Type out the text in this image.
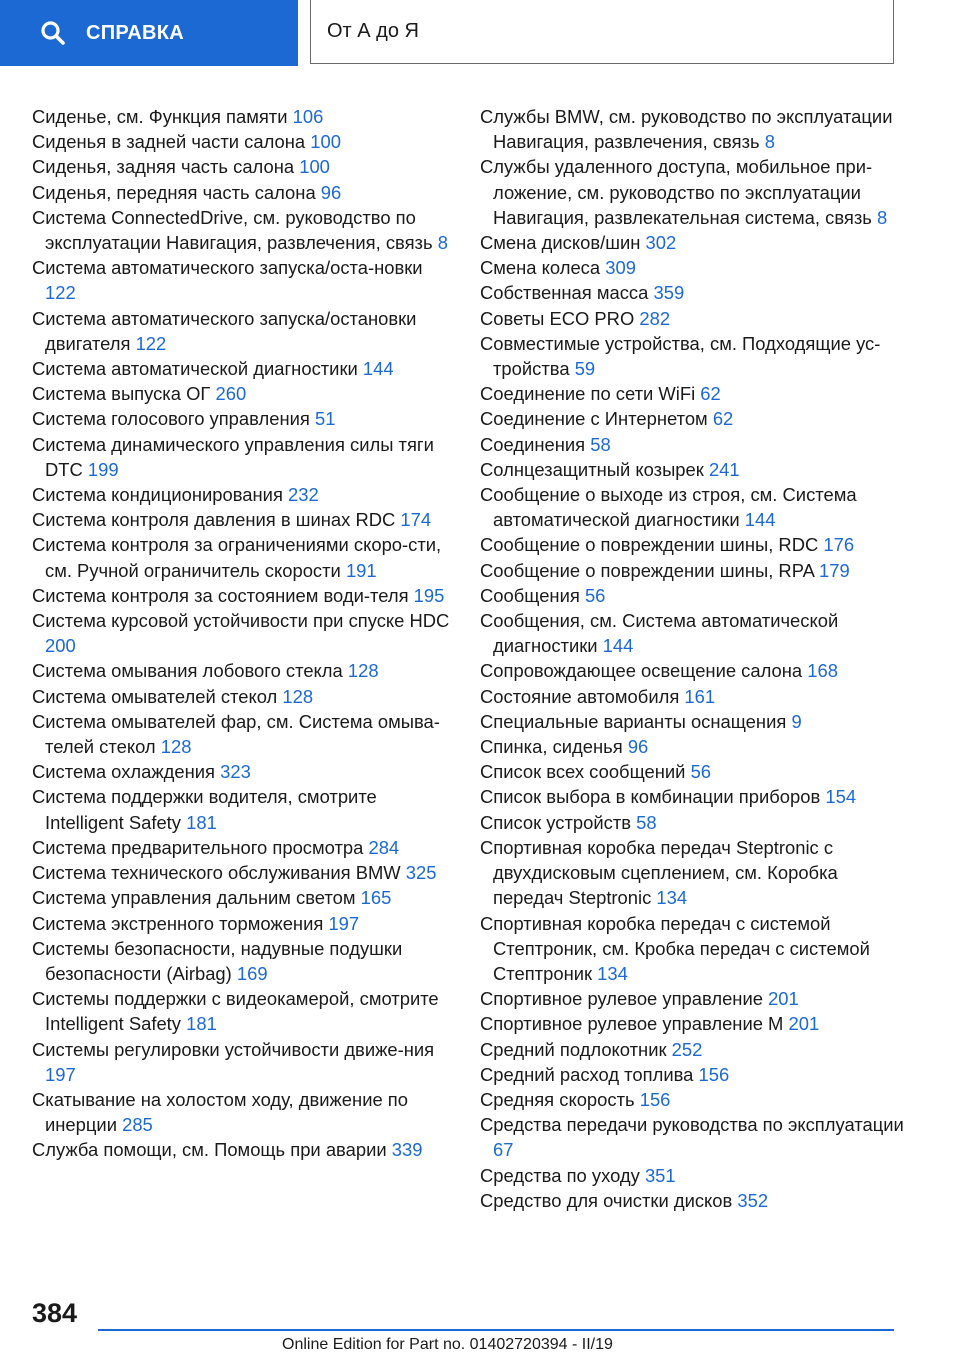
СПРАВКА	От А до Я
Сиденье, см. Функция памяти 106
Сиденья в задней части салона 100
Сиденья, задняя часть салона 100
Сиденья, передняя часть салона 96
Система ConnectedDrive, см. руководство по эксплуатации Навигация, развлечения, связь 8
Система автоматического запуска/оста-новки 122
Система автоматического запуска/остановки двигателя 122
Система автоматической диагностики 144
Система выпуска ОГ 260
Система голосового управления 51
Система динамического управления силы тяги DTC 199
Система кондиционирования 232
Система контроля давления в шинах RDC 174
Система контроля за ограничениями скоро-сти, см. Ручной ограничитель скорости 191
Система контроля за состоянием води-теля 195
Система курсовой устойчивости при спуске HDC 200
Система омывания лобового стекла 128
Система омывателей стекол 128
Система омывателей фар, см. Система омыва-телей стекол 128
Система охлаждения 323
Система поддержки водителя, смотрите Intelligent Safety 181
Система предварительного просмотра 284
Система технического обслуживания BMW 325
Система управления дальним светом 165
Система экстренного торможения 197
Системы безопасности, надувные подушки безопасности (Airbag) 169
Системы поддержки с видеокамерой, смотрите Intelligent Safety 181
Системы регулировки устойчивости движе-ния 197
Скатывание на холостом ходу, движение по инерции 285
Служба помощи, см. Помощь при аварии 339
Службы BMW, см. руководство по эксплуатации Навигация, развлечения, связь 8
Службы удаленного доступа, мобильное при-ложение, см. руководство по эксплуатации Навигация, развлекательная система, связь 8
Смена дисков/шин 302
Смена колеса 309
Собственная масса 359
Советы ECO PRO 282
Совместимые устройства, см. Подходящие ус-тройства 59
Соединение по сети WiFi 62
Соединение с Интернетом 62
Соединения 58
Солнцезащитный козырек 241
Сообщение о выходе из строя, см. Система автоматической диагностики 144
Сообщение о повреждении шины, RDC 176
Сообщение о повреждении шины, RPA 179
Сообщения 56
Сообщения, см. Система автоматической диагностики 144
Сопровождающее освещение салона 168
Состояние автомобиля 161
Специальные варианты оснащения 9
Спинка, сиденья 96
Список всех сообщений 56
Список выбора в комбинации приборов 154
Список устройств 58
Спортивная коробка передач Steptronic с двухдисковым сцеплением, см. Коробка передач Steptronic 134
Спортивная коробка передач с системой Стептроник, см. Кробка передач с системой Стептроник 134
Спортивное рулевое управление 201
Спортивное рулевое управление M 201
Средний подлокотник 252
Средний расход топлива 156
Средняя скорость 156
Средства передачи руководства по эксплуатации 67
Средства по уходу 351
Средство для очистки дисков 352
384
Online Edition for Part no. 01402720394 - II/19
